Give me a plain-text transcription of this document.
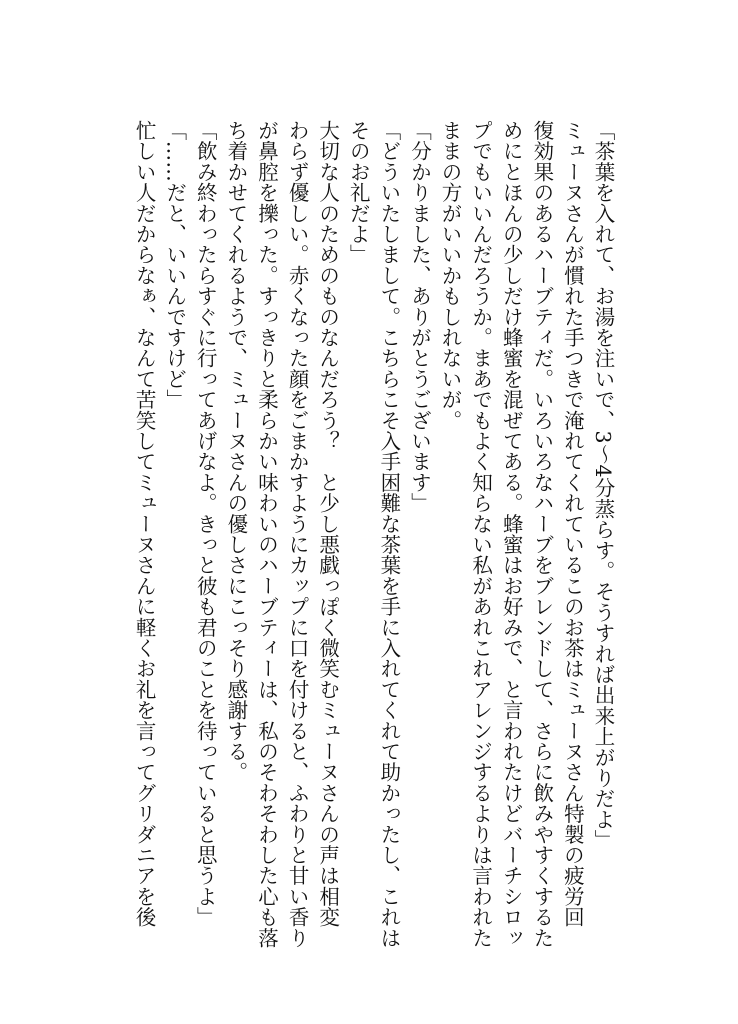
「茶葉を入れて、お湯を注いで、3～4分蒸らす。そうすれば出来上がりだよ」
ミューヌさんが慣れた手つきで淹れてくれているこのお茶はミューヌさん特製の疲労回
復効果のあるハーブティだ。いろいろなハーブをブレンドして、さらに飲みやすくするた
めにとほんの少しだけ蜂蜜を混ぜてある。蜂蜜はお好みで、と言われたけどバーチシロッ
プでもいいんだろうか。まあでもよく知らない私があれこれアレンジするよりは言われた
ままの方がいいかもしれないが。
「分かりました、ありがとうございます」
「どういたしまして。こちらこそ入手困難な茶葉を手に入れてくれて助かったし、これは
そのお礼だよ」
大切な人のためのものなんだろう？　と少し悪戯っぽく微笑むミューヌさんの声は相変
わらず優しい。赤くなった顔をごまかすようにカップに口を付けると、ふわりと甘い香り
が鼻腔を擽った。すっきりと柔らかい味わいのハーブティーは、私のそわそわした心も落
ち着かせてくれるようで、ミューヌさんの優しさにこっそり感謝する。
「飲み終わったらすぐに行ってあげなよ。きっと彼も君のことを待っていると思うよ」
「……だと、いいんですけど」
忙しい人だからなぁ、なんて苦笑してミューヌさんに軽くお礼を言ってグリダニアを後
